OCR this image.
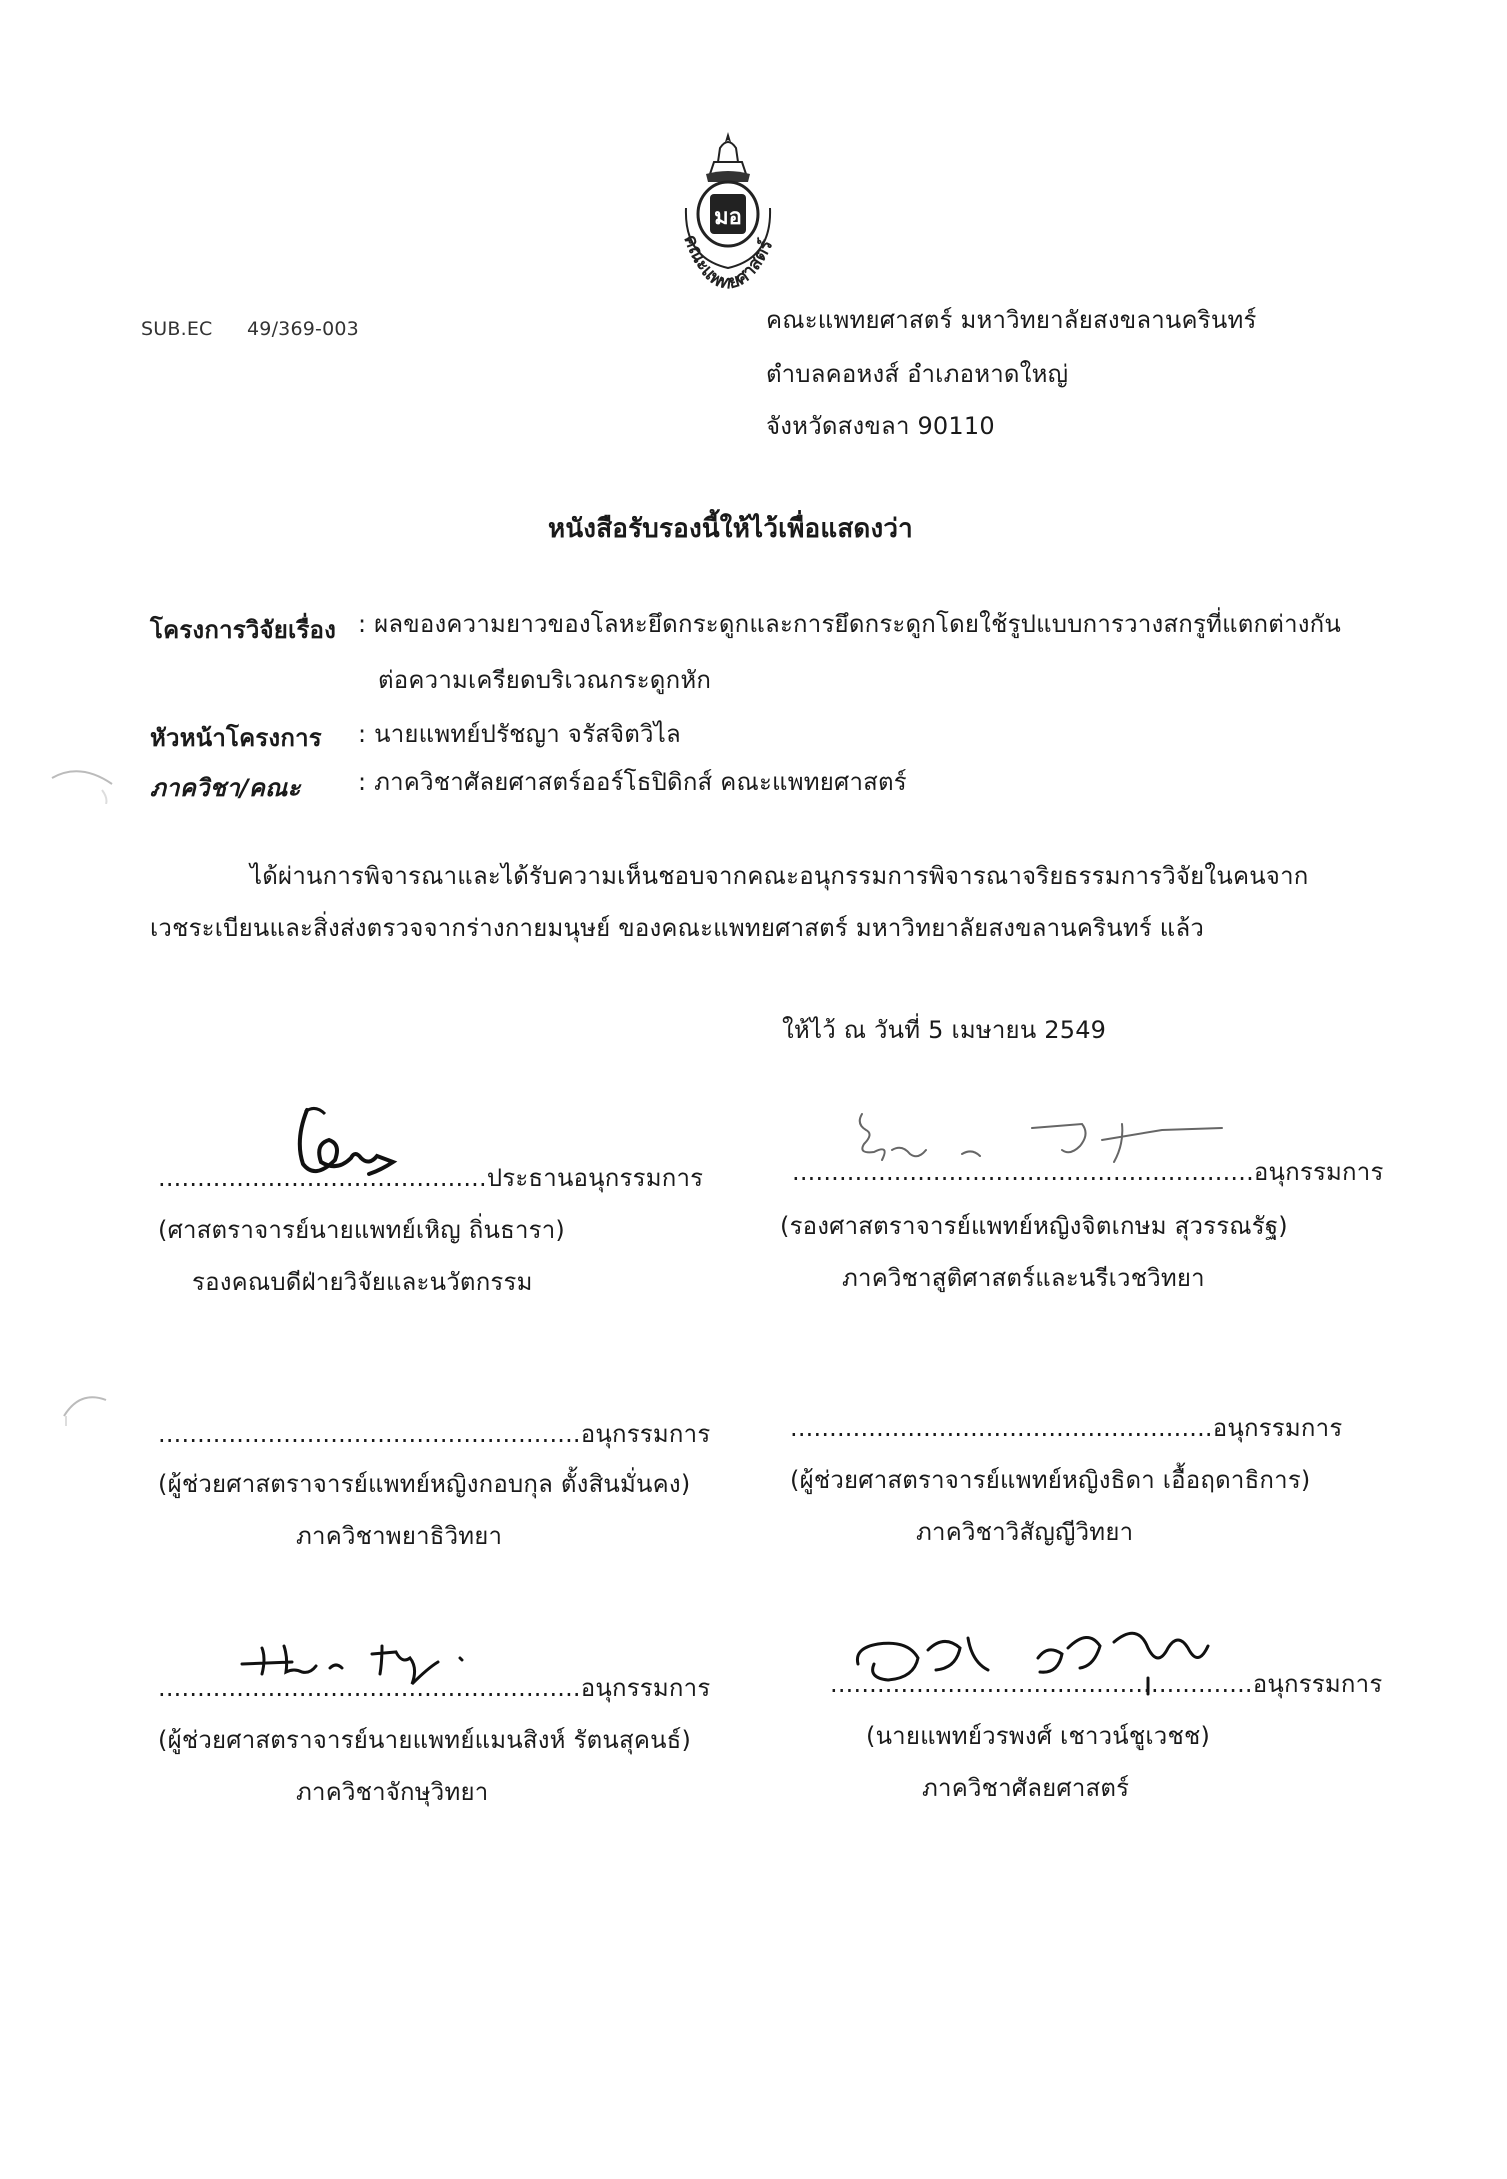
มอ
คณะแพทยศาสตร์
SUB.EC 49/369-003	คณะแพทยศาสตร์ มหาวิทยาลัยสงขลานครินทร์
ตำบลคอหงส์ อำเภอหาดใหญ่
จังหวัดสงขลา 90110
หนังสือรับรองนี้ให้ไว้เพื่อแสดงว่า
โครงการวิจัยเรื่อง : ผลของความยาวของโลหะยึดกระดูกและการยึดกระดูกโดยใช้รูปแบบการวางสกรูที่แตกต่างกัน
ต่อความเครียดบริเวณกระดูกหัก
หัวหน้าโครงการ : นายแพทย์ปรัชญา จรัสจิตวิไล
ภาควิชา/คณะ : ภาควิชาศัลยศาสตร์ออร์โธปิดิกส์ คณะแพทยศาสตร์
ได้ผ่านการพิจารณาและได้รับความเห็นชอบจากคณะอนุกรรมการพิจารณาจริยธรรมการวิจัยในคนจาก
เวชระเบียนและสิ่งส่งตรวจจากร่างกายมนุษย์ ของคณะแพทยศาสตร์ มหาวิทยาลัยสงขลานครินทร์ แล้ว
ให้ไว้ ณ วันที่ 5 เมษายน 2549
..........................................ประธานอนุกรรมการ
(ศาสตราจารย์นายแพทย์เหิญ ถิ่นธารา)
รองคณบดีฝ่ายวิจัยและนวัตกรรม
...........................................................อนุกรรมการ
(รองศาสตราจารย์แพทย์หญิงจิตเกษม สุวรรณรัฐ)
ภาควิชาสูติศาสตร์และนรีเวชวิทยา
......................................................อนุกรรมการ
(ผู้ช่วยศาสตราจารย์แพทย์หญิงกอบกุล ตั้งสินมั่นคง)
ภาควิชาพยาธิวิทยา
......................................................อนุกรรมการ
(ผู้ช่วยศาสตราจารย์แพทย์หญิงธิดา เอื้อฤดาธิการ)
ภาควิชาวิสัญญีวิทยา
......................................................อนุกรรมการ
(ผู้ช่วยศาสตราจารย์นายแพทย์แมนสิงห์ รัตนสุคนธ์)
ภาควิชาจักษุวิทยา
......................................................อนุกรรมการ
(นายแพทย์วรพงศ์ เชาวน์ชูเวชช)
ภาควิชาศัลยศาสตร์
